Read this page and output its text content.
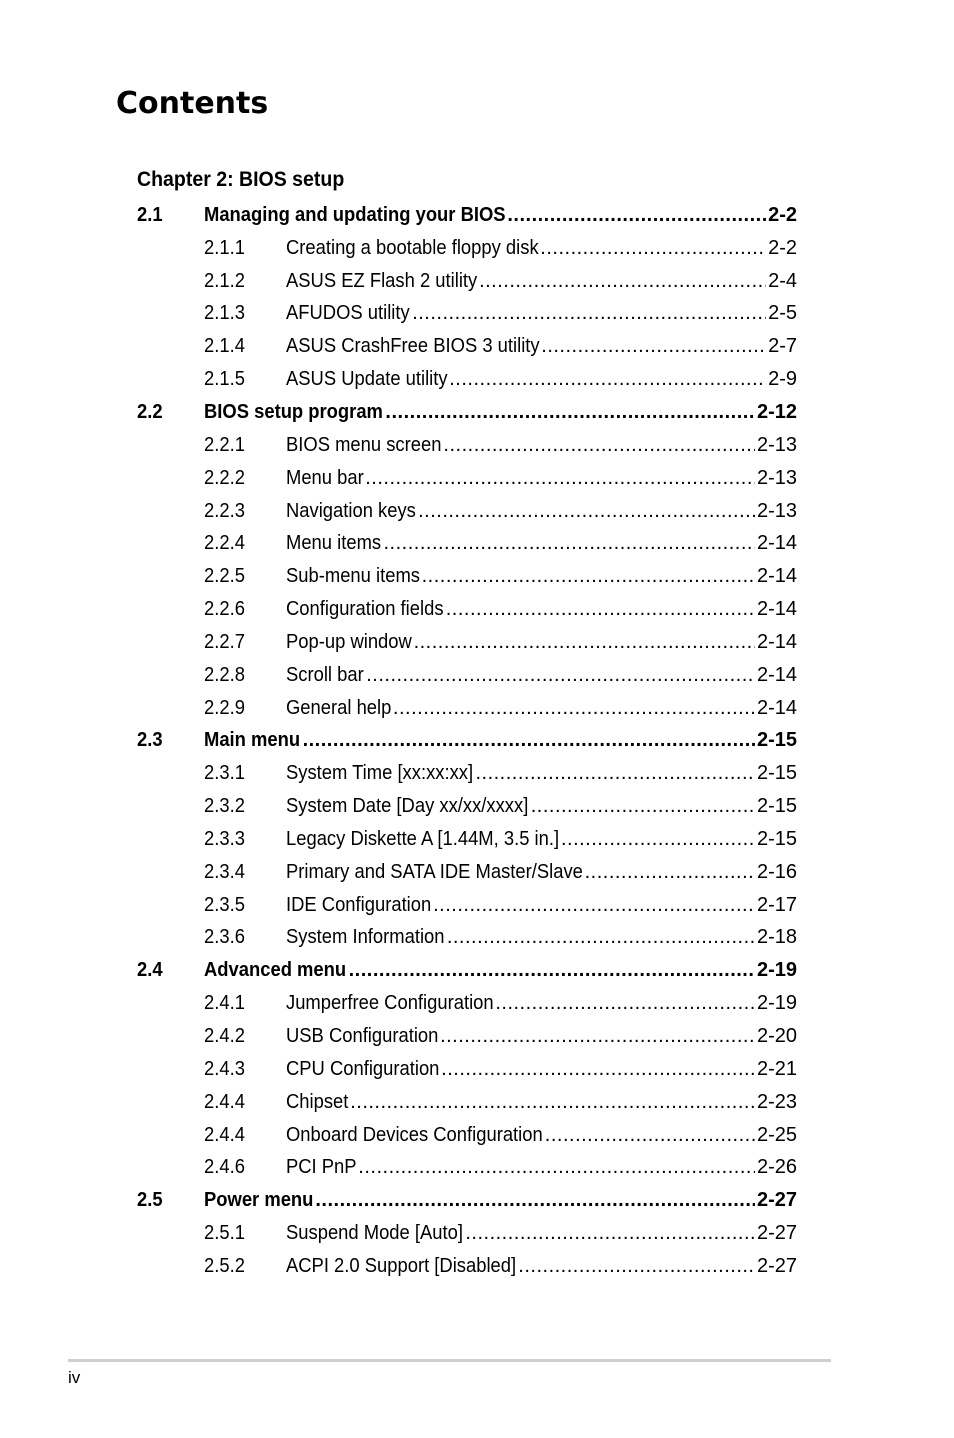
Contents
Chapter 2: BIOS setup
2.1 Managing and updating your BIOS .....	2-2
2.1.1 Creating a bootable floppy disk .....	2-2
2.1.2 ASUS EZ Flash 2 utility .....	2-4
2.1.3 AFUDOS utility .....	2-5
2.1.4 ASUS CrashFree BIOS 3 utility .....	2-7
2.1.5 ASUS Update utility .....	2-9
2.2 BIOS setup program .....	2-12
2.2.1 BIOS menu screen .....	2-13
2.2.2 Menu bar .....	2-13
2.2.3 Navigation keys .....	2-13
2.2.4 Menu items .....	2-14
2.2.5 Sub-menu items .....	2-14
2.2.6 Configuration fields .....	2-14
2.2.7 Pop-up window .....	2-14
2.2.8 Scroll bar .....	2-14
2.2.9 General help .....	2-14
2.3 Main menu .....	2-15
2.3.1 System Time [xx:xx:xx] .....	2-15
2.3.2 System Date [Day xx/xx/xxxx] .....	2-15
2.3.3 Legacy Diskette A [1.44M, 3.5 in.] .....	2-15
2.3.4 Primary and SATA IDE Master/Slave .....	2-16
2.3.5 IDE Configuration .....	2-17
2.3.6 System Information .....	2-18
2.4 Advanced menu .....	2-19
2.4.1 Jumperfree Configuration .....	2-19
2.4.2 USB Configuration .....	2-20
2.4.3 CPU Configuration .....	2-21
2.4.4 Chipset .....	2-23
2.4.4 Onboard Devices Configuration .....	2-25
2.4.6 PCI PnP .....	2-26
2.5 Power menu .....	2-27
2.5.1 Suspend Mode [Auto] .....	2-27
2.5.2 ACPI 2.0 Support [Disabled] .....	2-27
iv
